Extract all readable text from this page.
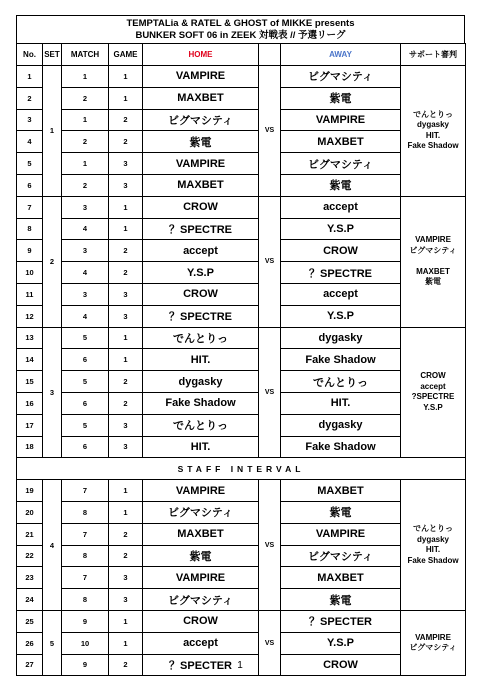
TEMPTALia & RATEL & GHOST of MIKKE presents
BUNKER SOFT 06 in ZEEK 対戦表 // 予選リーグ
No.	SET	MATCH	GAME	HOME		AWAY	サポート審判
1	1	1	1	VAMPIRE	VS	ビグマシティ	でんとりっ
dygasky
HIT.
Fake Shadow

2		2	1	MAXBET		紫電	
3		1	2	ビグマシティ		VAMPIRE	
4		2	2	紫電		MAXBET	
5		1	3	VAMPIRE		ビグマシティ	
6		2	3	MAXBET		紫電	
7	2	3	1	CROW	VS	accept	VAMPIRE
ビグマシティ

MAXBET
紫電

8		4	1	？SPECTRE		Y.S.P	
9		3	2	accept		CROW	
10		4	2	Y.S.P		？SPECTRE	
11		3	3	CROW		accept	
12		4	3	？SPECTRE		Y.S.P	
13	3	5	1	でんとりっ	VS	dygasky	CROW
accept
?SPECTRE
Y.S.P

14		6	1	HIT.		Fake Shadow	
15		5	2	dygasky		でんとりっ	
16		6	2	Fake Shadow		HIT.	
17		5	3	でんとりっ		dygasky	
18		6	3	HIT.		Fake Shadow	
STAFF INTERVAL							
19	4	7	1	VAMPIRE	VS	MAXBET	でんとりっ
dygasky
HIT.
Fake Shadow

20		8	1	ビグマシティ		紫電	
21		7	2	MAXBET		VAMPIRE	
22		8	2	紫電		ビグマシティ	
23		7	3	VAMPIRE		MAXBET	
24		8	3	ビグマシティ		紫電	
25	5	9	1	CROW	VS	？SPECTER	VAMPIRE
ビグマシティ

26		10	1	accept		Y.S.P	
27		9	2	？SPECTER		CROW	
1
